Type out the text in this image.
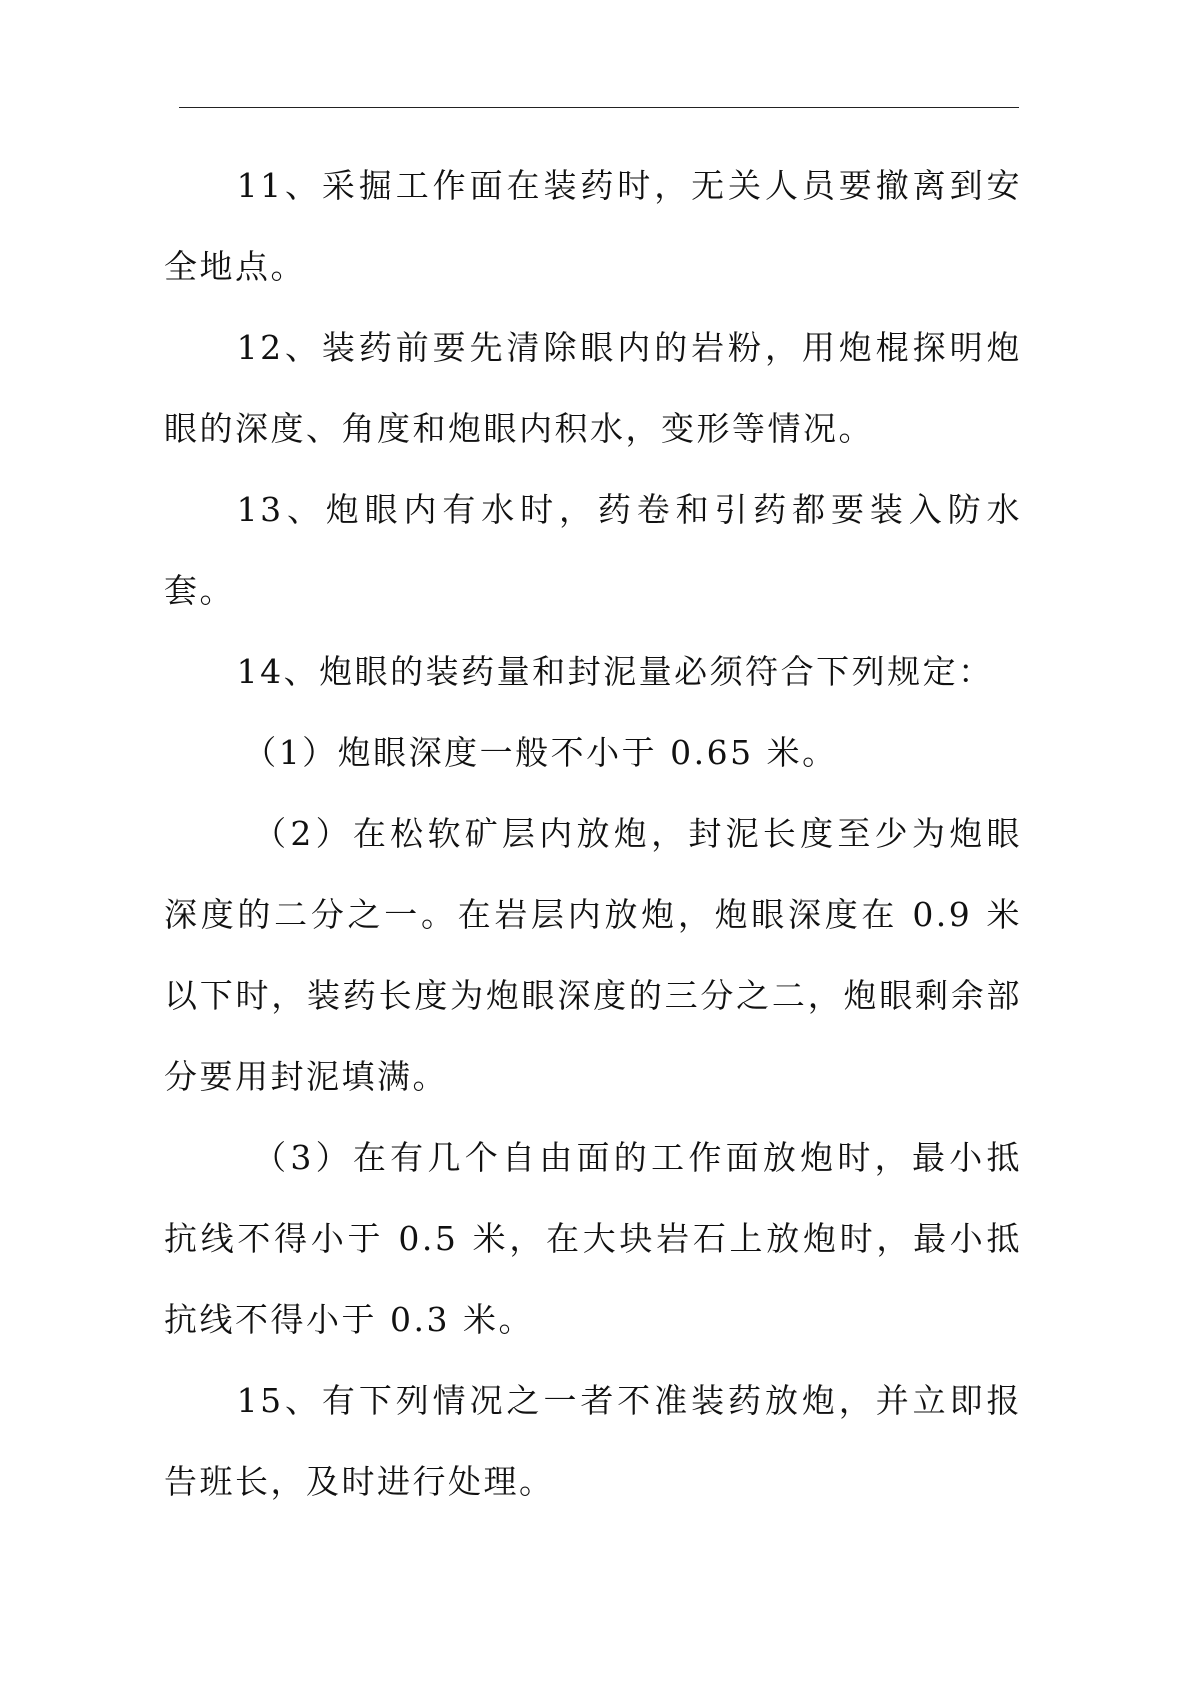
11、采掘工作面在装药时，无关人员要撤离到安全地点。

12、装药前要先清除眼内的岩粉，用炮棍探明炮眼的深度、角度和炮眼内积水，变形等情况。

13、炮眼内有水时，药卷和引药都要装入防水套。

14、炮眼的装药量和封泥量必须符合下列规定：

（1）炮眼深度一般不小于 0.65 米。

（2）在松软矿层内放炮，封泥长度至少为炮眼深度的二分之一。在岩层内放炮，炮眼深度在 0.9 米以下时，装药长度为炮眼深度的三分之二，炮眼剩余部分要用封泥填满。

（3）在有几个自由面的工作面放炮时，最小抵抗线不得小于 0.5 米，在大块岩石上放炮时，最小抵抗线不得小于 0.3 米。

15、有下列情况之一者不准装药放炮，并立即报告班长，及时进行处理。
